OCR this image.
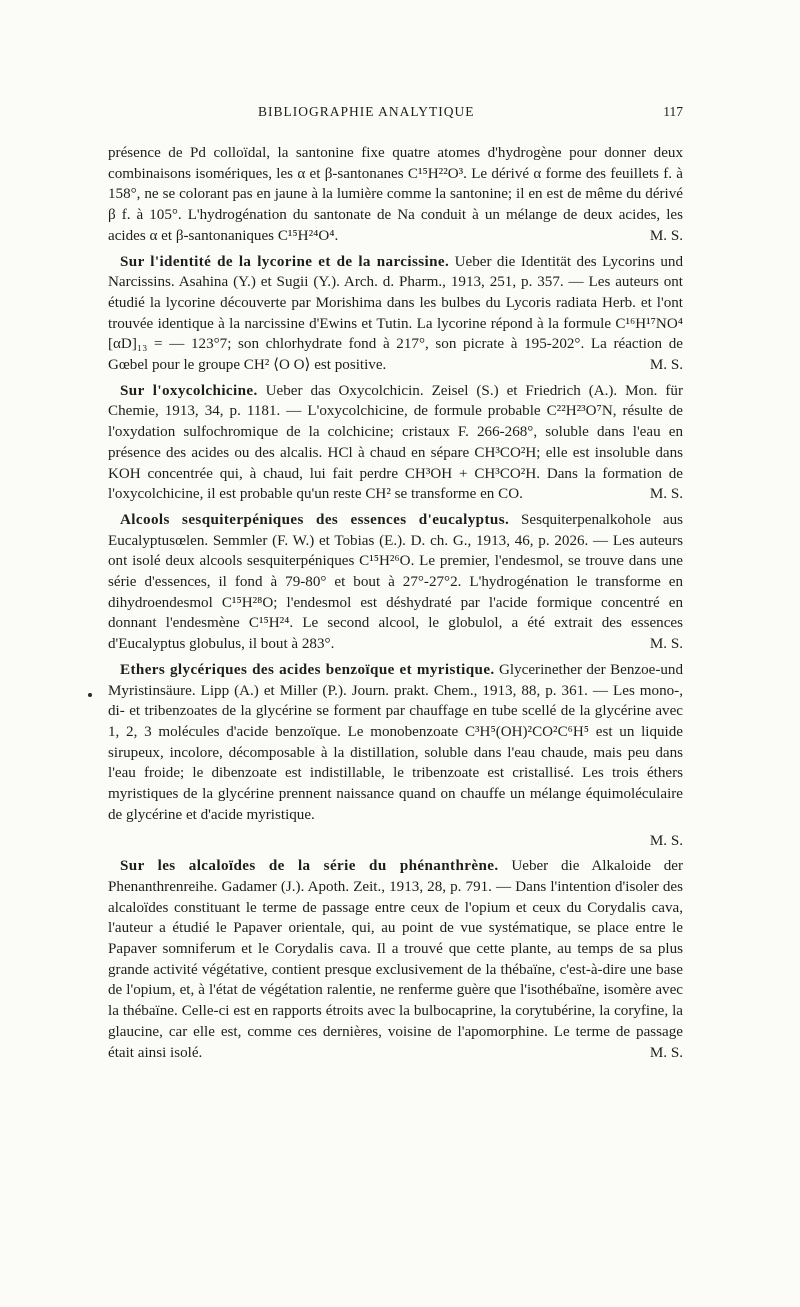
BIBLIOGRAPHIE ANALYTIQUE	117

présence de Pd colloïdal, la santonine fixe quatre atomes d'hydrogène pour donner deux combinaisons isomériques, les α et β-santonanes C¹⁵H²²O³. Le dérivé α forme des feuillets f. à 158°, ne se colorant pas en jaune à la lumière comme la santonine; il en est de même du dérivé β f. à 105°. L'hydrogénation du santonate de Na conduit à un mélange de deux acides, les acides α et β-santonaniques C¹⁵H²⁴O⁴.	M. S.

Sur l'identité de la lycorine et de la narcissine. Ueber die Identität des Lycorins und Narcissins. Asahina (Y.) et Sugii (Y.). Arch. d. Pharm., 1913, 251, p. 357. — Les auteurs ont étudié la lycorine découverte par Morishima dans les bulbes du Lycoris radiata Herb. et l'ont trouvée identique à la narcissine d'Ewins et Tutin. La lycorine répond à la formule C¹⁶H¹⁷NO⁴ [αD]₁₃ = — 123°7; son chlorhydrate fond à 217°, son picrate à 195-202°. La réaction de Gœbel pour le groupe CH² ⟨O O⟩ est positive.	M. S.

Sur l'oxycolchicine. Ueber das Oxycolchicin. Zeisel (S.) et Friedrich (A.). Mon. für Chemie, 1913, 34, p. 1181. — L'oxycolchicine, de formule probable C²²H²³O⁷N, résulte de l'oxydation sulfochromique de la colchicine; cristaux F. 266-268°, soluble dans l'eau en présence des acides ou des alcalis. HCl à chaud en sépare CH³CO²H; elle est insoluble dans KOH concentrée qui, à chaud, lui fait perdre CH³OH + CH³CO²H. Dans la formation de l'oxycolchicine, il est probable qu'un reste CH² se transforme en CO.	M. S.

Alcools sesquiterpéniques des essences d'eucalyptus. Sesquiterpenalkohole aus Eucalyptusœlen. Semmler (F. W.) et Tobias (E.). D. ch. G., 1913, 46, p. 2026. — Les auteurs ont isolé deux alcools sesquiterpéniques C¹⁵H²⁶O. Le premier, l'endesmol, se trouve dans une série d'essences, il fond à 79-80° et bout à 27°-27°2. L'hydrogénation le transforme en dihydroendesmol C¹⁵H²⁸O; l'endesmol est déshydraté par l'acide formique concentré en donnant l'endesmène C¹⁵H²⁴. Le second alcool, le globulol, a été extrait des essences d'Eucalyptus globulus, il bout à 283°.	M. S.

Ethers glycériques des acides benzoïque et myristique. Glycerinether der Benzoe-und Myristinsäure. Lipp (A.) et Miller (P.). Journ. prakt. Chem., 1913, 88, p. 361. — Les mono-, di- et tribenzoates de la glycérine se forment par chauffage en tube scellé de la glycérine avec 1, 2, 3 molécules d'acide benzoïque. Le monobenzoate C³H⁵(OH)²CO²C⁶H⁵ est un liquide sirupeux, incolore, décomposable à la distillation, soluble dans l'eau chaude, mais peu dans l'eau froide; le dibenzoate est indistillable, le tribenzoate est cristallisé. Les trois éthers myristiques de la glycérine prennent naissance quand on chauffe un mélange équimoléculaire de glycérine et d'acide myristique.

M. S.

Sur les alcaloïdes de la série du phénanthrène. Ueber die Alkaloide der Phenanthrenreihe. Gadamer (J.). Apoth. Zeit., 1913, 28, p. 791. — Dans l'intention d'isoler des alcaloïdes constituant le terme de passage entre ceux de l'opium et ceux du Corydalis cava, l'auteur a étudié le Papaver orientale, qui, au point de vue systématique, se place entre le Papaver somniferum et le Corydalis cava. Il a trouvé que cette plante, au temps de sa plus grande activité végétative, contient presque exclusivement de la thébaïne, c'est-à-dire une base de l'opium, et, à l'état de végétation ralentie, ne renferme guère que l'isothébaïne, isomère avec la thébaïne. Celle-ci est en rapports étroits avec la bulbocaprine, la corytubérine, la coryfine, la glaucine, car elle est, comme ces dernières, voisine de l'apomorphine. Le terme de passage était ainsi isolé.	M. S.
